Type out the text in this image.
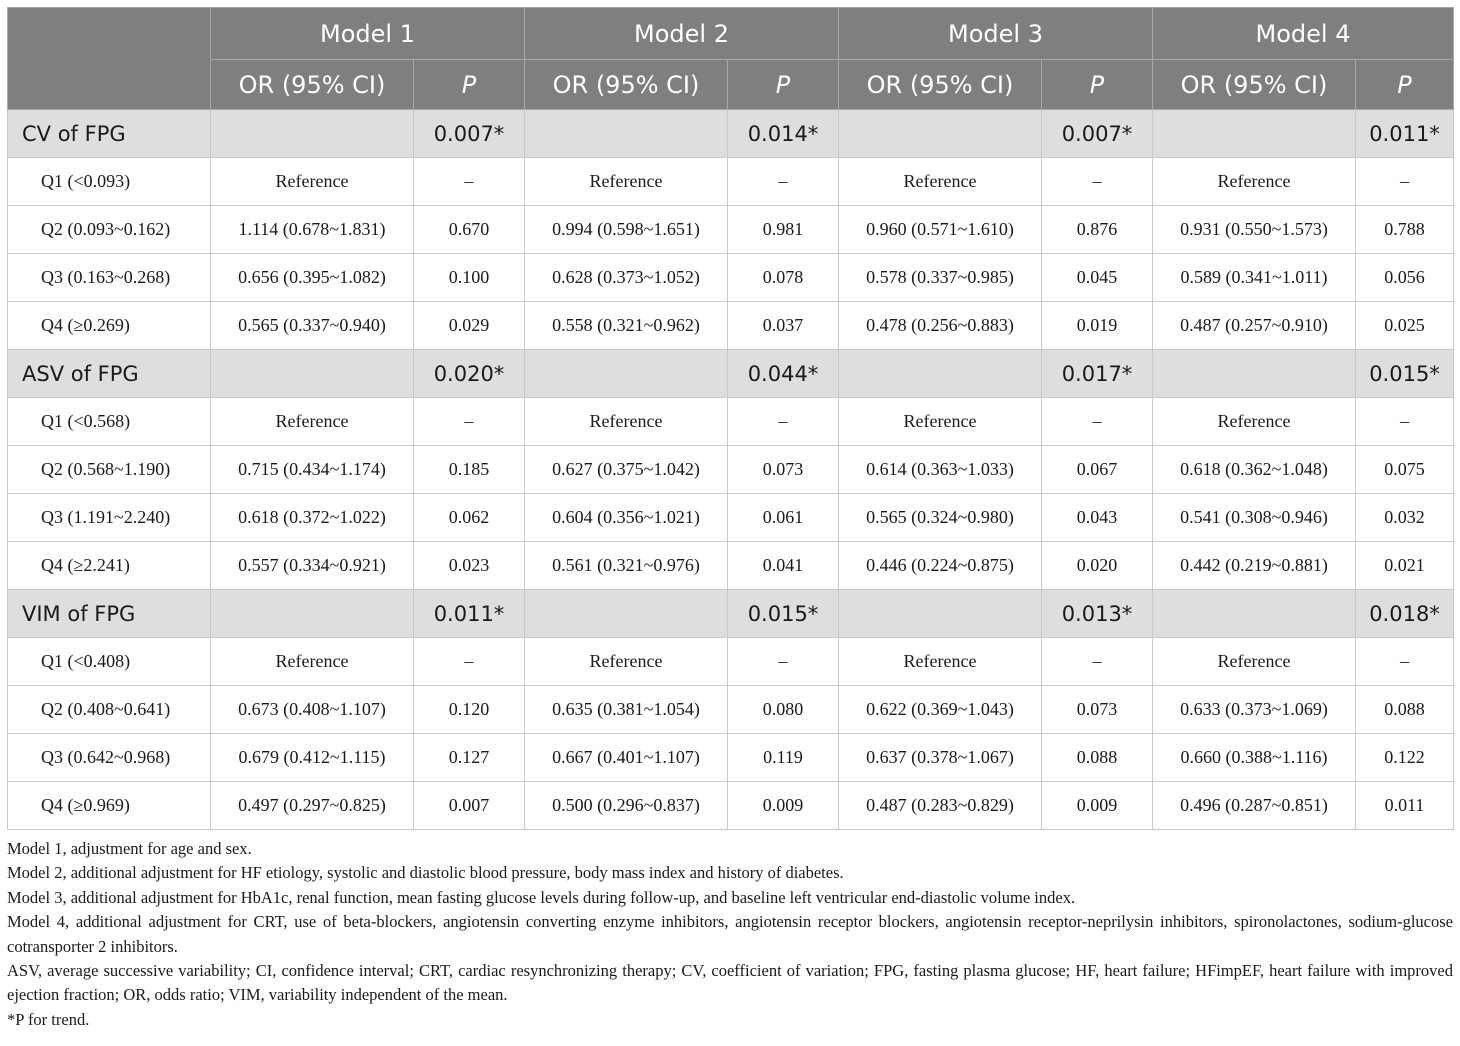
	Model 1		Model 2		Model 3		Model 4	
	OR (95% CI)	P	OR (95% CI)	P	OR (95% CI)	P	OR (95% CI)	P
CV of FPG		0.007*		0.014*		0.007*		0.011*
Q1 (<0.093)	Reference	–	Reference	–	Reference	–	Reference	–
Q2 (0.093~0.162)	1.114 (0.678~1.831)	0.670	0.994 (0.598~1.651)	0.981	0.960 (0.571~1.610)	0.876	0.931 (0.550~1.573)	0.788
Q3 (0.163~0.268)	0.656 (0.395~1.082)	0.100	0.628 (0.373~1.052)	0.078	0.578 (0.337~0.985)	0.045	0.589 (0.341~1.011)	0.056
Q4 (≥0.269)	0.565 (0.337~0.940)	0.029	0.558 (0.321~0.962)	0.037	0.478 (0.256~0.883)	0.019	0.487 (0.257~0.910)	0.025
ASV of FPG		0.020*		0.044*		0.017*		0.015*
Q1 (<0.568)	Reference	–	Reference	–	Reference	–	Reference	–
Q2 (0.568~1.190)	0.715 (0.434~1.174)	0.185	0.627 (0.375~1.042)	0.073	0.614 (0.363~1.033)	0.067	0.618 (0.362~1.048)	0.075
Q3 (1.191~2.240)	0.618 (0.372~1.022)	0.062	0.604 (0.356~1.021)	0.061	0.565 (0.324~0.980)	0.043	0.541 (0.308~0.946)	0.032
Q4 (≥2.241)	0.557 (0.334~0.921)	0.023	0.561 (0.321~0.976)	0.041	0.446 (0.224~0.875)	0.020	0.442 (0.219~0.881)	0.021
VIM of FPG		0.011*		0.015*		0.013*		0.018*
Q1 (<0.408)	Reference	–	Reference	–	Reference	–	Reference	–
Q2 (0.408~0.641)	0.673 (0.408~1.107)	0.120	0.635 (0.381~1.054)	0.080	0.622 (0.369~1.043)	0.073	0.633 (0.373~1.069)	0.088
Q3 (0.642~0.968)	0.679 (0.412~1.115)	0.127	0.667 (0.401~1.107)	0.119	0.637 (0.378~1.067)	0.088	0.660 (0.388~1.116)	0.122
Q4 (≥0.969)	0.497 (0.297~0.825)	0.007	0.500 (0.296~0.837)	0.009	0.487 (0.283~0.829)	0.009	0.496 (0.287~0.851)	0.011

Model 1, adjustment for age and sex.

Model 2, additional adjustment for HF etiology, systolic and diastolic blood pressure, body mass index and history of diabetes.

Model 3, additional adjustment for HbA1c, renal function, mean fasting glucose levels during follow-up, and baseline left ventricular end-diastolic volume index.

Model 4, additional adjustment for CRT, use of beta-blockers, angiotensin converting enzyme inhibitors, angiotensin receptor blockers, angiotensin receptor-neprilysin inhibitors, spironolactones, sodium-glucose cotransporter 2 inhibitors.

ASV, average successive variability; CI, confidence interval; CRT, cardiac resynchronizing therapy; CV, coefficient of variation; FPG, fasting plasma glucose; HF, heart failure; HFimpEF, heart failure with improved ejection fraction; OR, odds ratio; VIM, variability independent of the mean.

*P for trend.
